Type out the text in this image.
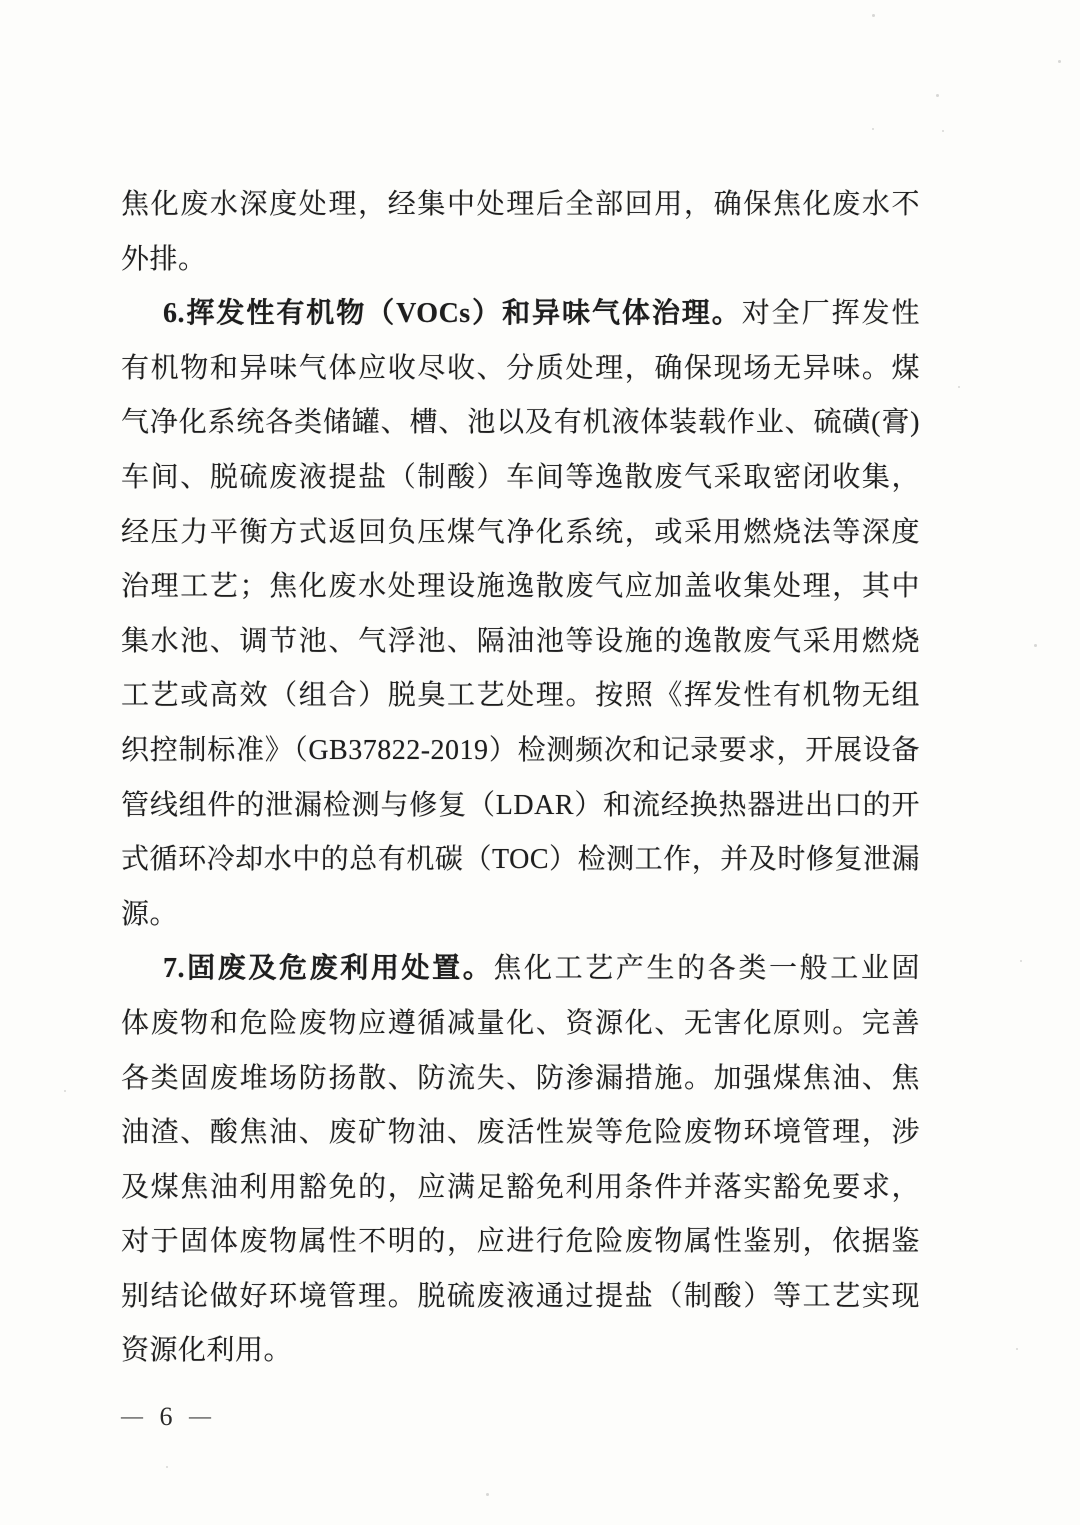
焦化废水深度处理，经集中处理后全部回用，确保焦化废水不
外排。
6.挥发性有机物（VOCs）和异味气体治理。对全厂挥发性
有机物和异味气体应收尽收、分质处理，确保现场无异味。煤
气净化系统各类储罐、槽、池以及有机液体装载作业、硫磺(膏)
车间、脱硫废液提盐（制酸）车间等逸散废气采取密闭收集，
经压力平衡方式返回负压煤气净化系统，或采用燃烧法等深度
治理工艺；焦化废水处理设施逸散废气应加盖收集处理，其中
集水池、调节池、气浮池、隔油池等设施的逸散废气采用燃烧
工艺或高效（组合）脱臭工艺处理。按照《挥发性有机物无组
织控制标准》（GB37822-2019）检测频次和记录要求，开展设备
管线组件的泄漏检测与修复（LDAR）和流经换热器进出口的开
式循环冷却水中的总有机碳（TOC）检测工作，并及时修复泄漏
源。
7.固废及危废利用处置。焦化工艺产生的各类一般工业固
体废物和危险废物应遵循减量化、资源化、无害化原则。完善
各类固废堆场防扬散、防流失、防渗漏措施。加强煤焦油、焦
油渣、酸焦油、废矿物油、废活性炭等危险废物环境管理，涉
及煤焦油利用豁免的，应满足豁免利用条件并落实豁免要求，
对于固体废物属性不明的，应进行危险废物属性鉴别，依据鉴
别结论做好环境管理。脱硫废液通过提盐（制酸）等工艺实现
资源化利用。
— 6 —
